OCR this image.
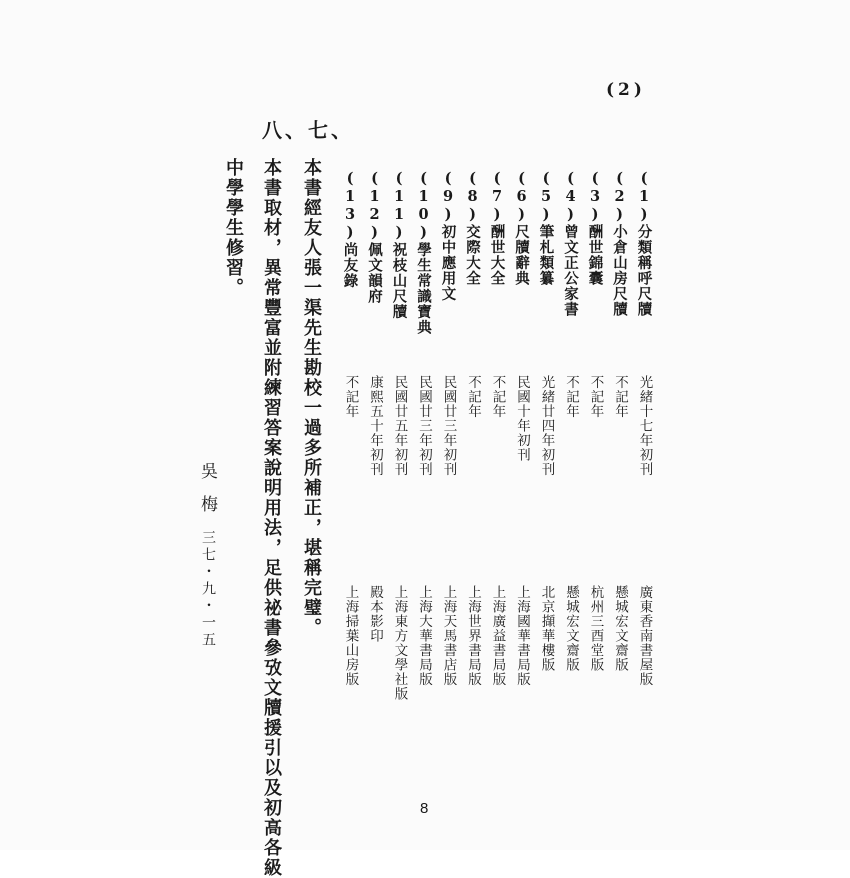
(2)
(1)分類稱呼尺牘
光緒十七年初刊
廣東香南書屋版
(2)小倉山房尺牘
不記年
懸城宏文齋版
(3)酬世錦囊
不記年
杭州三酉堂版
(4)曾文正公家書
不記年
懸城宏文齋版
(5)筆札類纂
光緒廿四年初刊
北京擷華樓版
(6)尺牘辭典
民國十年初刊
上海國華書局版
(7)酬世大全
不記年
上海廣益書局版
(8)交際大全
不記年
上海世界書局版
(9)初中應用文
民國廿三年初刊
上海天馬書店版
(10)學生常識寶典
民國廿三年初刊
上海大華書局版
(11)祝枝山尺牘
民國廿五年初刊
上海東方文學社版
(12)佩文韻府
康熙五十年初刊
殿本影印
(13)尚友錄
不記年
上海掃葉山房版
八、七、
本書經友人張一渠先生勘校一過多所補正，堪稱完璧。
本書取材，異常豐富並附練習答案說明用法，足供祕書參攷文牘援引以及初高各級
中學學生修習。
吳梅
三七・九・一五
8
